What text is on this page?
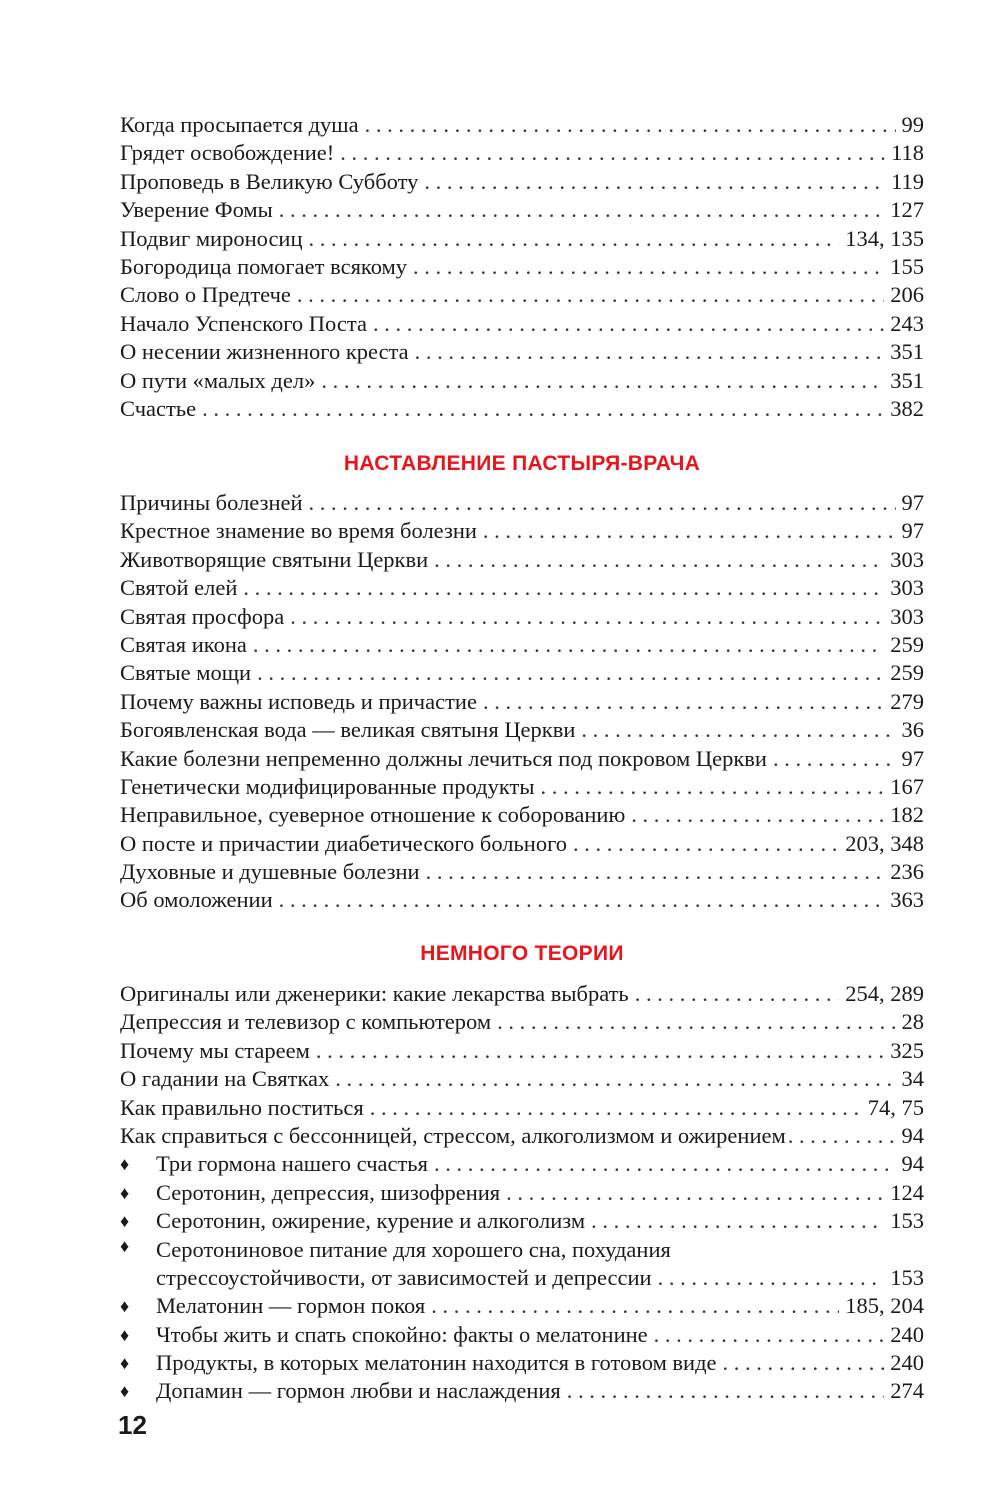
Когда просыпается душа . . .	99
Грядет освобождение! . . .	118
Проповедь в Великую Субботу . . .	119
Уверение Фомы . . .	127
Подвиг мироносиц . . .	134, 135
Богородица помогает всякому . . .	155
Слово о Предтече . . .	206
Начало Успенского Поста . . .	243
О несении жизненного креста . . .	351
О пути «малых дел» . . .	351
Счастье . . .	382
НАСТАВЛЕНИЕ ПАСТЫРЯ-ВРАЧА
Причины болезней . . .	97
Крестное знамение во время болезни . . .	97
Животворящие святыни Церкви . . .	303
Святой елей . . .	303
Святая просфора . . .	303
Святая икона . . .	259
Святые мощи . . .	259
Почему важны исповедь и причастие . . .	279
Богоявленская вода — великая святыня Церкви . . .	36
Какие болезни непременно должны лечиться под покровом Церкви . . .	97
Генетически модифицированные продукты . . .	167
Неправильное, суеверное отношение к соборованию . . .	182
О посте и причастии диабетического больного . . .	203, 348
Духовные и душевные болезни . . .	236
Об омоложении . . .	363
НЕМНОГО ТЕОРИИ
Оригиналы или дженерики: какие лекарства выбрать . . .	254, 289
Депрессия и телевизор с компьютером . . .	28
Почему мы стареем . . .	325
О гадании на Святках . . .	34
Как правильно поститься . . .	74, 75
Как справиться с бессонницей, стрессом, алкоголизмом и ожирением . . .	94
♦ Три гормона нашего счастья . . .	94
♦ Серотонин, депрессия, шизофрения . . .	124
♦ Серотонин, ожирение, курение и алкоголизм . . .	153
♦ Серотониновое питание для хорошего сна, похудания
стрессоустойчивости, от зависимостей и депрессии . . .	153
♦ Мелатонин — гормон покоя . . .	185, 204
♦ Чтобы жить и спать спокойно: факты о мелатонине . . .	240
♦ Продукты, в которых мелатонин находится в готовом виде . . .	240
♦ Допамин — гормон любви и наслаждения . . .	274
12
